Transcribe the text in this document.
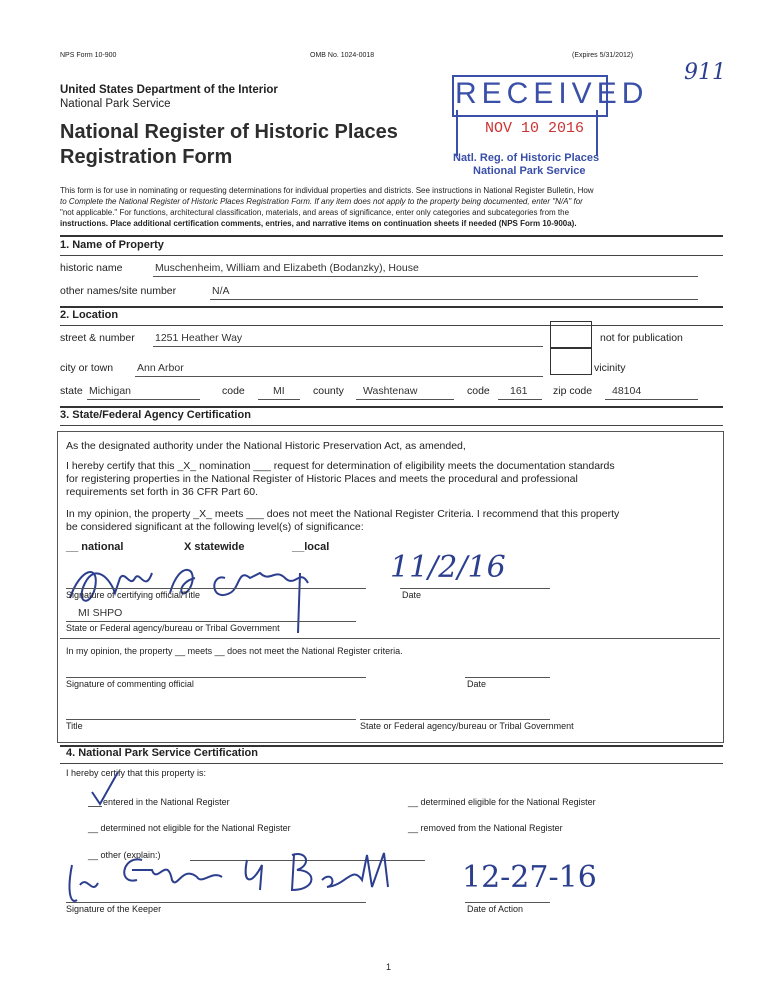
NPS Form 10-900	OMB No. 1024-0018	(Expires 5/31/2012)
911
United States Department of the Interior
National Park Service
National Register of Historic Places
Registration Form
RECEIVED
NOV 10 2016
Natl. Reg. of Historic Places
National Park Service
This form is for use in nominating or requesting determinations for individual properties and districts. See instructions in National Register Bulletin, How
to Complete the National Register of Historic Places Registration Form. If any item does not apply to the property being documented, enter "N/A" for
"not applicable." For functions, architectural classification, materials, and areas of significance, enter only categories and subcategories from the
instructions. Place additional certification comments, entries, and narrative items on continuation sheets if needed (NPS Form 10-900a).
1. Name of Property
historic name	Muschenheim, William and Elizabeth (Bodanzky), House
other names/site number	N/A
2. Location
street & number 1251 Heather Way	not for publication
city or town Ann Arbor	vicinity
state Michigan	code	MI	county Washtenaw	code 161 zip code 48104
3. State/Federal Agency Certification
As the designated authority under the National Historic Preservation Act, as amended,
I hereby certify that this _X_ nomination ___ request for determination of eligibility meets the documentation standards
for registering properties in the National Register of Historic Places and meets the procedural and professional
requirements set forth in 36 CFR Part 60.
In my opinion, the property _X_ meets ___ does not meet the National Register Criteria. I recommend that this property
be considered significant at the following level(s) of significance:
__ national	X statewide	__local
11/2/16
Signature of certifying official/Title	Date
MI SHPO
State or Federal agency/bureau or Tribal Government
In my opinion, the property __ meets __ does not meet the National Register criteria.
Signature of commenting official	Date
Title	State or Federal agency/bureau or Tribal Government
4. National Park Service Certification
I hereby certify that this property is:
entered in the National Register	__ determined eligible for the National Register
__ determined not eligible for the National Register	__ removed from the National Register
__ other (explain:)
12-27-16
Signature of the Keeper	Date of Action
1
